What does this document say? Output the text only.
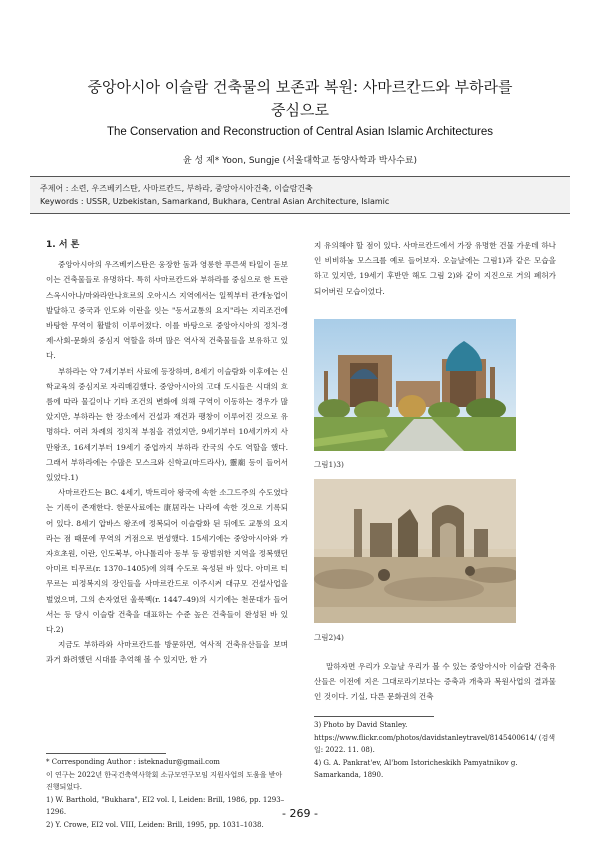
중앙아시아 이슬람 건축물의 보존과 복원: 사마르칸드와 부하라를
중심으로
The Conservation and Reconstruction of Central Asian Islamic Architectures
윤 성 제* Yoon, Sungje (서울대학교 동양사학과 박사수료)
주제어 : 소련, 우즈베키스탄, 사마르칸드, 부하라, 중앙아시아건축, 이슬람건축
Keywords : USSR, Uzbekistan, Samarkand, Bukhara, Central Asian Architecture, Islamic
1. 서 론

중앙아시아의 우즈베키스탄은 웅장한 돔과 영롱한 푸른색 타일이 돋보이는 건축물들로 유명하다. 특히 사마르칸드와 부하라를 중심으로 한 트란스옥시아나/마와라안나흐르의 오아시스 지역에서는 일찍부터 관개농업이 발달하고 중국과 인도와 이란을 잇는 "동서교통의 요지"라는 지리조건에 바탕한 무역이 활발히 이루어졌다. 이를 바탕으로 중앙아시아의 정치-경제-사회-문화의 중심지 역할을 하며 많은 역사적 건축물들을 보유하고 있다.

부하라는 약 7세기부터 사료에 등장하며, 8세기 이슬람화 이후에는 신학교육의 중심지로 자리매김했다. 중앙아시아의 고대 도시들은 시대의 흐름에 따라 물길이나 기타 조건의 변화에 의해 구역이 이동하는 경우가 많았지만, 부하라는 한 장소에서 건설과 재건과 팽창이 이루어진 것으로 유명하다. 여러 차례의 정치적 부침을 겪었지만, 9세기부터 10세기까지 사만왕조, 16세기부터 19세기 중엽까지 부하라 칸국의 수도 역할을 했다. 그래서 부하라에는 수많은 모스크와 신학교(마드라사), 靈廟 등이 들어서 있었다.1)

사마르칸드는 BC. 4세기, 박트리아 왕국에 속한 소그드주의 수도였다는 기록이 존재한다. 한문사료에는 康居라는 나라에 속한 것으로 기록되어 있다. 8세기 압바스 왕조에 정복되어 이슬람화 된 뒤에도 교통의 요지라는 점 때문에 무역의 거점으로 번성했다. 15세기에는 중앙아시아와 카자흐초원, 이란, 인도북부, 아나톨리아 동부 등 광범위한 지역을 정복했던 아미르 티무르(r. 1370–1405)에 의해 수도로 육성된 바 있다. 아미르 티무르는 피정복지의 장인들을 사마르칸드로 이주시켜 대규모 건설사업을 벌였으며, 그의 손자였던 울룩벡(r. 1447–49)의 시기에는 천문대가 들어서는 등 당시 이슬람 건축을 대표하는 수준 높은 건축들이 완성된 바 있다.2)

지금도 부하라와 사마르칸드를 방문하면, 역사적 건축유산들을 보며 과거 화려했던 시대를 추억해 볼 수 있지만, 한 가

* Corresponding Author : isteknadur@gmail.com
이 연구는 2022년 한국건축역사학회 소규모연구모임 지원사업의 도움을 받아 진행되었다.
1) W. Barthold, "Bukhara", EI2 vol. I, Leiden: Brill, 1986, pp. 1293–1296.
2) Y. Crowe, EI2 vol. VIII, Leiden: Brill, 1995, pp. 1031–1038.

지 유의해야 할 점이 있다. 사마르칸드에서 가장 유명한 건물 가운데 하나인 비비하눔 모스크를 예로 들어보자. 오늘날에는 그림1)과 같은 모습을 하고 있지만, 19세기 후반만 해도 그림 2)와 같이 지진으로 거의 폐허가 되어버린 모습이었다.

그림1)3)
그림2)4)

말하자면 우리가 오늘날 우리가 볼 수 있는 중앙아시아 이슬람 건축유산들은 이전에 지은 그대로라기보다는 증축과 개축과 복원사업의 결과물인 것이다. 기실, 다른 문화권의 건축

3) Photo by David Stanley.
https://www.flickr.com/photos/davidstanleytravel/8145400614/ (검색일: 2022. 11. 08).
4) G. A. Pankrat'ev, Al'bom Istoricheskikh Pamyatnikov g. Samarkanda, 1890.
- 269 -
